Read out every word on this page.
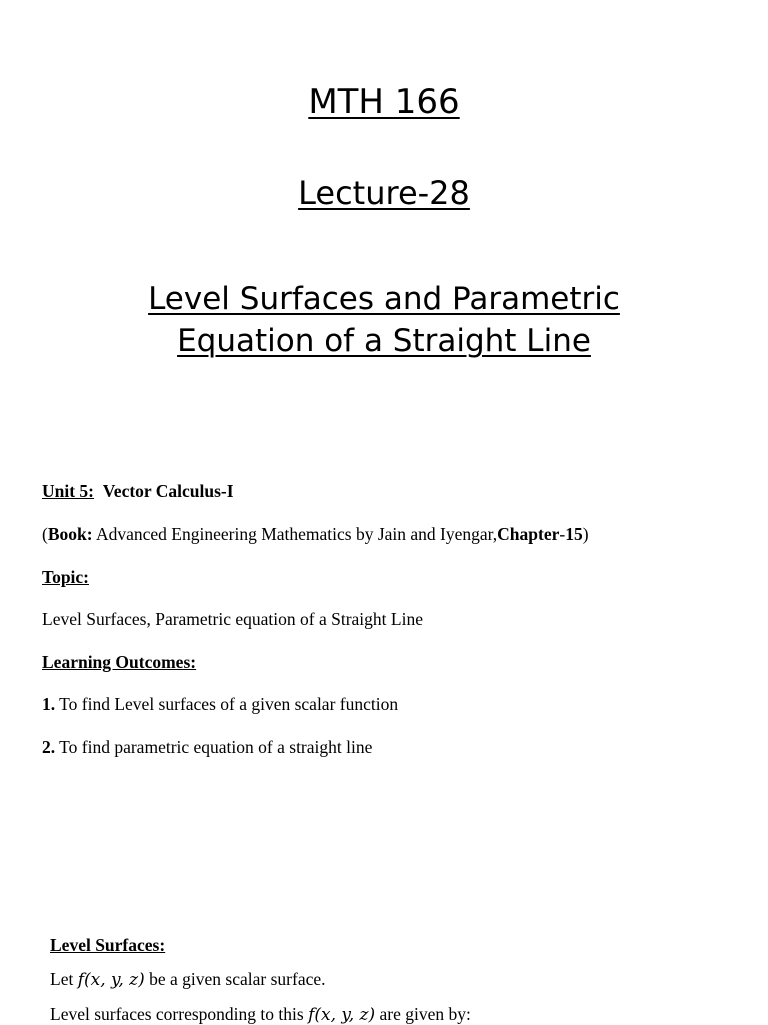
MTH 166
Lecture-28
Level Surfaces and Parametric
Equation of a Straight Line
Unit 5: Vector Calculus-I
(Book: Advanced Engineering Mathematics by Jain and Iyengar,Chapter-15)
Topic:
Level Surfaces, Parametric equation of a Straight Line
Learning Outcomes:
1. To find Level surfaces of a given scalar function
2. To find parametric equation of a straight line
Level Surfaces:
Let f(x, y, z) be a given scalar surface.
Level surfaces corresponding to this f(x, y, z) are given by:
